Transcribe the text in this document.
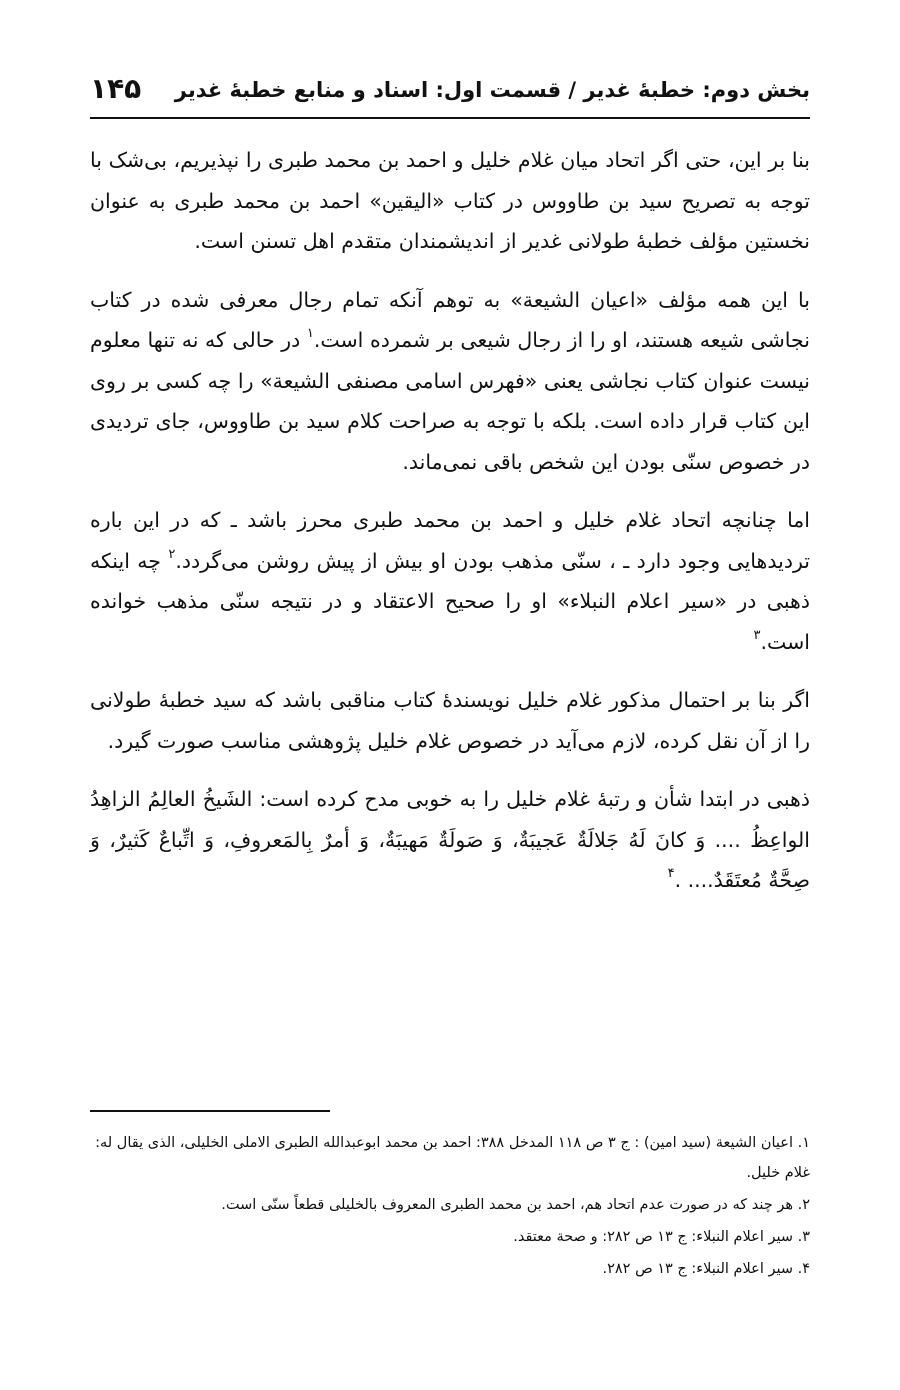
بخش دوم: خطبۀ غدیر / قسمت اول: اسناد و منابع خطبۀ غدیر
۱۴۵

بنا بر این، حتی اگر اتحاد میان غلام خلیل و احمد بن محمد طبری را نپذیریم، بی‌شک با توجه به تصریح سید بن طاووس در کتاب «الیقین» احمد بن محمد طبری به عنوان نخستین مؤلف خطبۀ طولانی غدیر از اندیشمندان متقدم اهل تسنن است.

با این همه مؤلف «اعیان الشیعة» به توهم آنکه تمام رجال معرفی شده در کتاب نجاشی شیعه هستند، او را از رجال شیعی بر شمرده است.$^۱$ در حالی که نه تنها معلوم نیست عنوان کتاب نجاشی یعنی «فهرس اسامی مصنفی الشیعة» را چه کسی بر روی این کتاب قرار داده است. بلکه با توجه به صراحت کلام سید بن طاووس، جای تردیدی در خصوص سنّی بودن این شخص باقی نمی‌ماند.

اما چنانچه اتحاد غلام خلیل و احمد بن محمد طبری محرز باشد ـ که در این باره تردیدهایی وجود دارد ـ ، سنّی مذهب بودن او بیش از پیش روشن می‌گردد.$^۲$ چه اینکه ذهبی در «سیر اعلام النبلاء» او را صحیح الاعتقاد و در نتیجه سنّی مذهب خوانده است.$^۳$

اگر بنا بر احتمال مذکور غلام خلیل نویسندۀ کتاب مناقبی باشد که سید خطبۀ طولانی را از آن نقل کرده، لازم می‌آید در خصوص غلام خلیل پژوهشی مناسب صورت گیرد.

ذهبی در ابتدا شأن و رتبۀ غلام خلیل را به خوبی مدح کرده است: الشَیخُ العالِمُ الزاهِدُ الواعِظُ .... وَ کانَ لَهُ جَلالَةٌ عَجیبَةٌ، وَ صَولَةٌ مَهیبَةٌ، وَ أمرٌ بِالمَعروفِ، وَ اتِّباعٌ کَثیرٌ، وَ صِحَّةٌ مُعتَقَدٌ.... .$^۴$

۱. اعیان الشیعة (سید امین) : ج ۳ ص ۱۱۸ المدخل ۳۸۸: احمد بن محمد ابوعبدالله الطبری الاملی الخلیلی، الذی یقال له: غلام خلیل.

۲. هر چند که در صورت عدم اتحاد هم، احمد بن محمد الطبری المعروف بالخلیلی قطعاً سنّی است.

۳. سیر اعلام النبلاء: ج ۱۳ ص ۲۸۲: و صحة معتقد.

۴. سیر اعلام النبلاء: ج ۱۳ ص ۲۸۲.
